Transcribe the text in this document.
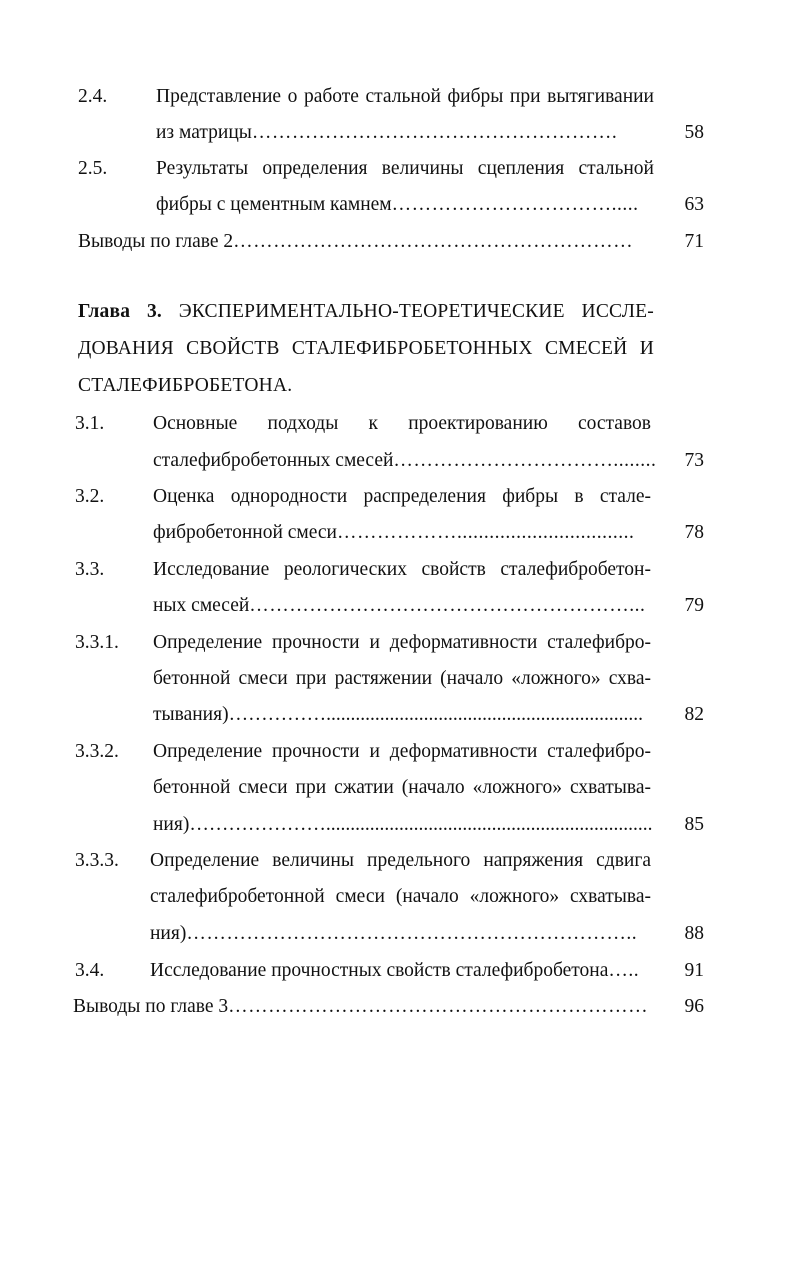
2.4.	Представление о работе стальной фибры при вытягивании
из матрицы……………………………………………….	58
2.5.	Результаты определения величины сцепления стальной
фибры с цементным камнем……………………………..... 63
Выводы по главе 2……………………………………………………	71
Глава 3. ЭКСПЕРИМЕНТАЛЬНО-ТЕОРЕТИЧЕСКИЕ ИССЛЕ-
ДОВАНИЯ СВОЙСТВ СТАЛЕФИБРОБЕТОННЫХ СМЕСЕЙ И
СТАЛЕФИБРОБЕТОНА.
3.1.	Основные подходы к проектированию составов
сталефибробетонных смесей……………………………........ 73
3.2.	Оценка однородности распределения фибры в стале-
фибробетонной смеси……………….................................	78
3.3.	Исследование реологических свойств сталефибробетон-
ных смесей…………………………………………………... 79
3.3.1. Определение прочности и деформативности сталефибро-
бетонной смеси при растяжении (начало «ложного» схва-
тывания)……………................................................................. 82
3.3.2. Определение прочности и деформативности сталефибро-
бетонной смеси при сжатии (начало «ложного» схватыва-
ния)…………………................................................................... 85
3.3.3. Определение величины предельного напряжения сдвига
сталефибробетонной смеси (начало «ложного» схватыва-
ния)………………………………………………………….. 88
3.4. Исследование прочностных свойств сталефибробетона….. 91
Выводы по главе 3……………………………………………………… 96
